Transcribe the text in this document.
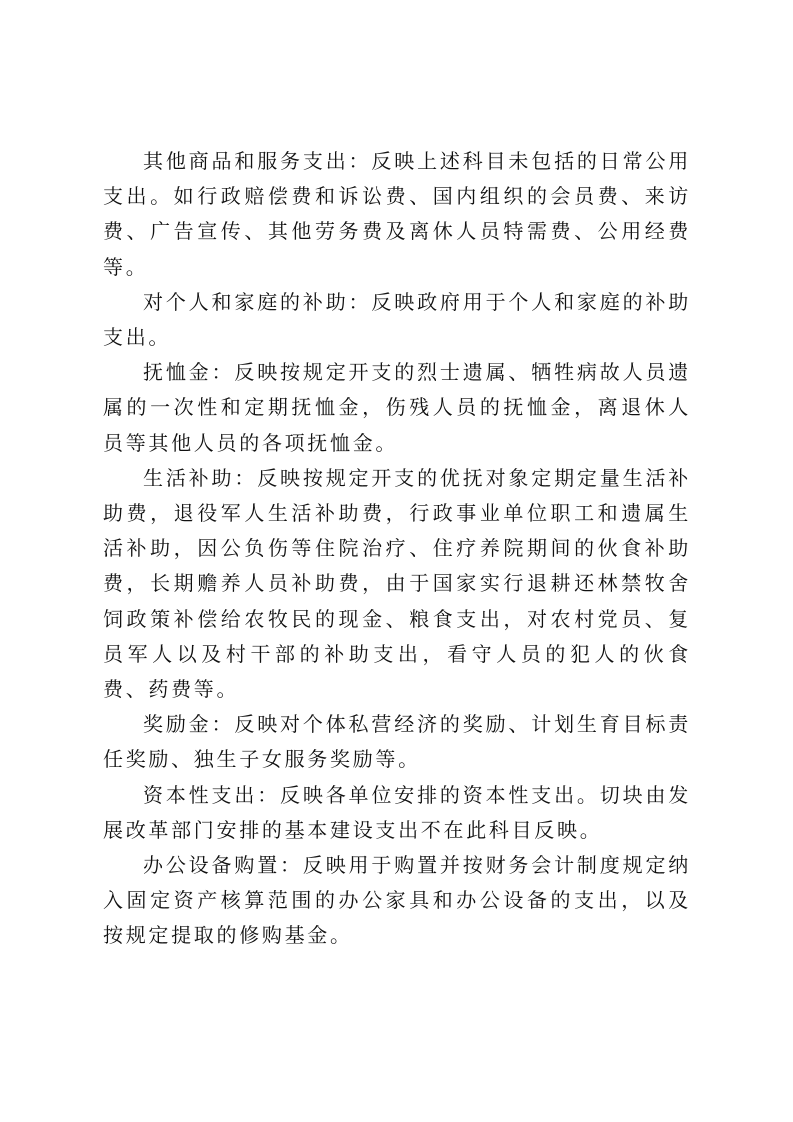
其他商品和服务支出：反映上述科目未包括的日常公用支出。如行政赔偿费和诉讼费、国内组织的会员费、来访费、广告宣传、其他劳务费及离休人员特需费、公用经费等。

对个人和家庭的补助：反映政府用于个人和家庭的补助支出。

抚恤金：反映按规定开支的烈士遗属、牺牲病故人员遗属的一次性和定期抚恤金，伤残人员的抚恤金，离退休人员等其他人员的各项抚恤金。

生活补助：反映按规定开支的优抚对象定期定量生活补助费，退役军人生活补助费，行政事业单位职工和遗属生活补助，因公负伤等住院治疗、住疗养院期间的伙食补助费，长期赡养人员补助费，由于国家实行退耕还林禁牧舍饲政策补偿给农牧民的现金、粮食支出，对农村党员、复员军人以及村干部的补助支出，看守人员的犯人的伙食费、药费等。

奖励金：反映对个体私营经济的奖励、计划生育目标责任奖励、独生子女服务奖励等。

资本性支出：反映各单位安排的资本性支出。切块由发展改革部门安排的基本建设支出不在此科目反映。

办公设备购置：反映用于购置并按财务会计制度规定纳入固定资产核算范围的办公家具和办公设备的支出，以及按规定提取的修购基金。
